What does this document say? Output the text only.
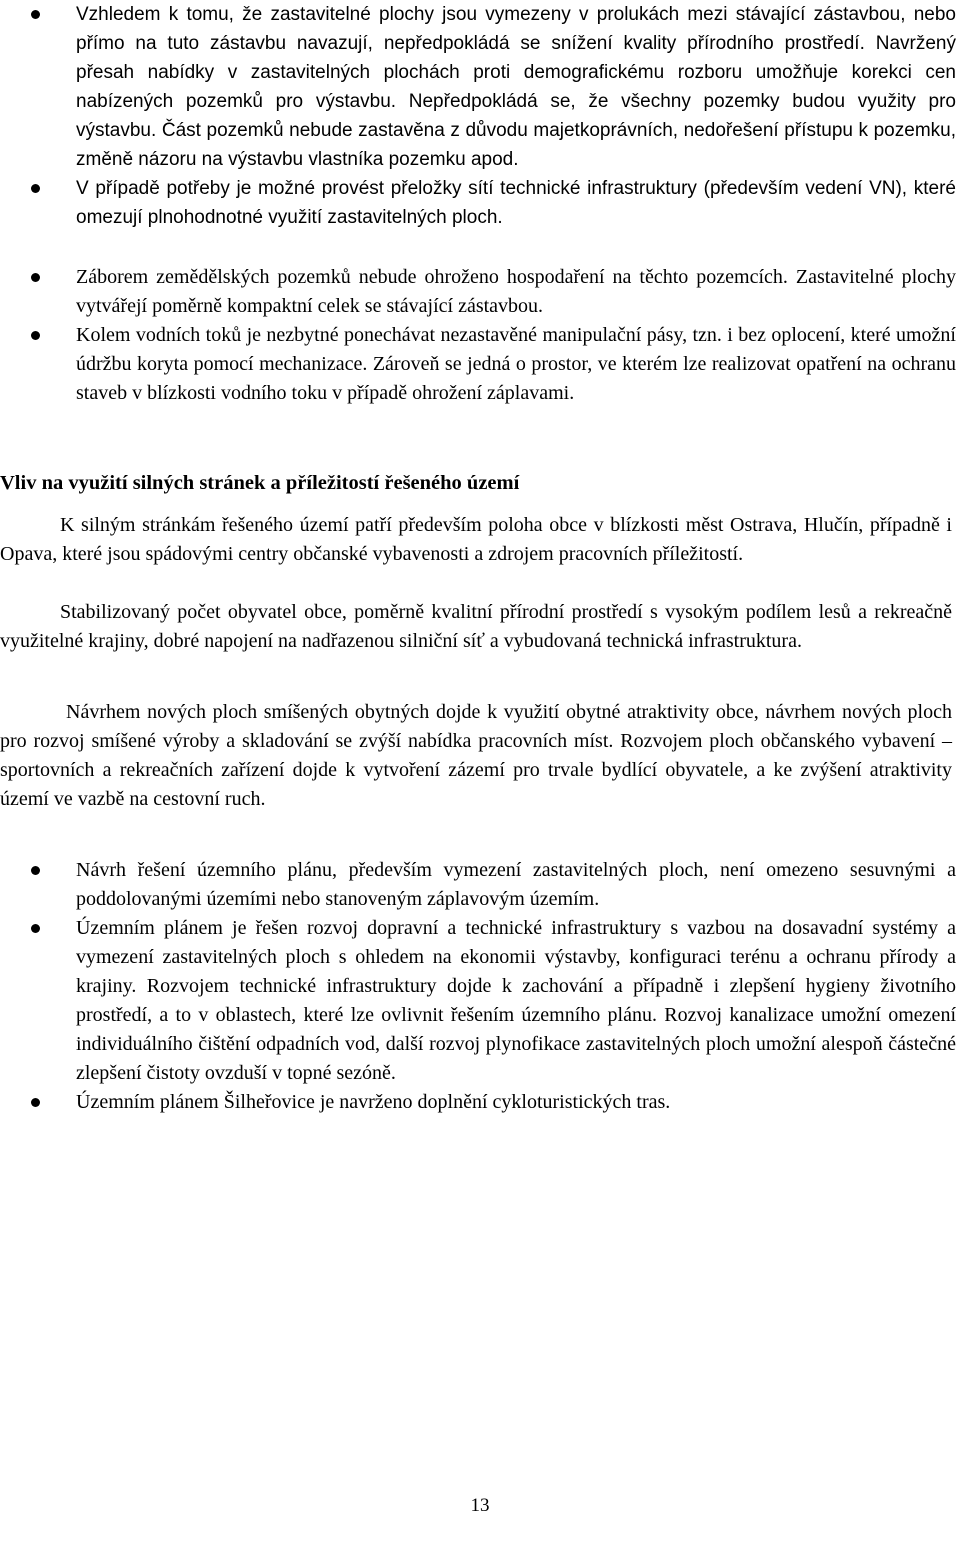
Vzhledem k tomu, že zastavitelné plochy jsou vymezeny v prolukách mezi stávající zástavbou, nebo přímo na tuto zástavbu navazují, nepředpokládá se snížení kvality přírodního prostředí. Navržený přesah nabídky v zastavitelných plochách proti demografickému rozboru umožňuje korekci cen nabízených pozemků pro výstavbu. Nepředpokládá se, že všechny pozemky budou využity pro výstavbu. Část pozemků nebude zastavěna z důvodu majetkoprávních, nedořešení přístupu k pozemku, změně názoru na výstavbu vlastníka pozemku apod.
V případě potřeby je možné provést přeložky sítí technické infrastruktury (především vedení VN), které omezují plnohodnotné využití zastavitelných ploch.
Záborem zemědělských pozemků nebude ohroženo hospodaření na těchto pozemcích. Zastavitelné plochy vytvářejí poměrně kompaktní celek se stávající zástavbou.
Kolem vodních toků je nezbytné ponechávat nezastavěné manipulační pásy, tzn. i bez oplocení, které umožní údržbu koryta pomocí mechanizace. Zároveň se jedná o prostor, ve kterém lze realizovat opatření na ochranu staveb v blízkosti vodního toku v případě ohrožení záplavami.
Vliv na využití silných stránek a příležitostí řešeného území

K silným stránkám řešeného území patří především poloha obce v blízkosti měst Ostrava, Hlučín, případně i Opava, které jsou spádovými centry občanské vybavenosti a zdrojem pracovních příležitostí.

Stabilizovaný počet obyvatel obce, poměrně kvalitní přírodní prostředí s vysokým podílem lesů a rekreačně využitelné krajiny, dobré napojení na nadřazenou silniční síť a vybudovaná technická infrastruktura.

Návrhem nových ploch smíšených obytných dojde k využití obytné atraktivity obce, návrhem nových ploch pro rozvoj smíšené výroby a skladování se zvýší nabídka pracovních míst. Rozvojem ploch občanského vybavení – sportovních a rekreačních zařízení dojde k vytvoření zázemí pro trvale bydlící obyvatele, a ke zvýšení atraktivity území ve vazbě na cestovní ruch.

Návrh řešení územního plánu, především vymezení zastavitelných ploch, není omezeno sesuvnými a poddolovanými územími nebo stanoveným záplavovým územím.
Územním plánem je řešen rozvoj dopravní a technické infrastruktury s vazbou na dosavadní systémy a vymezení zastavitelných ploch s ohledem na ekonomii výstavby, konfiguraci terénu a ochranu přírody a krajiny. Rozvojem technické infrastruktury dojde k zachování a případně i zlepšení hygieny životního prostředí, a to v oblastech, které lze ovlivnit řešením územního plánu. Rozvoj kanalizace umožní omezení individuálního čištění odpadních vod, další rozvoj plynofikace zastavitelných ploch umožní alespoň částečné zlepšení čistoty ovzduší v topné sezóně.
Územním plánem Šilheřovice je navrženo doplnění cykloturistických tras.
13
